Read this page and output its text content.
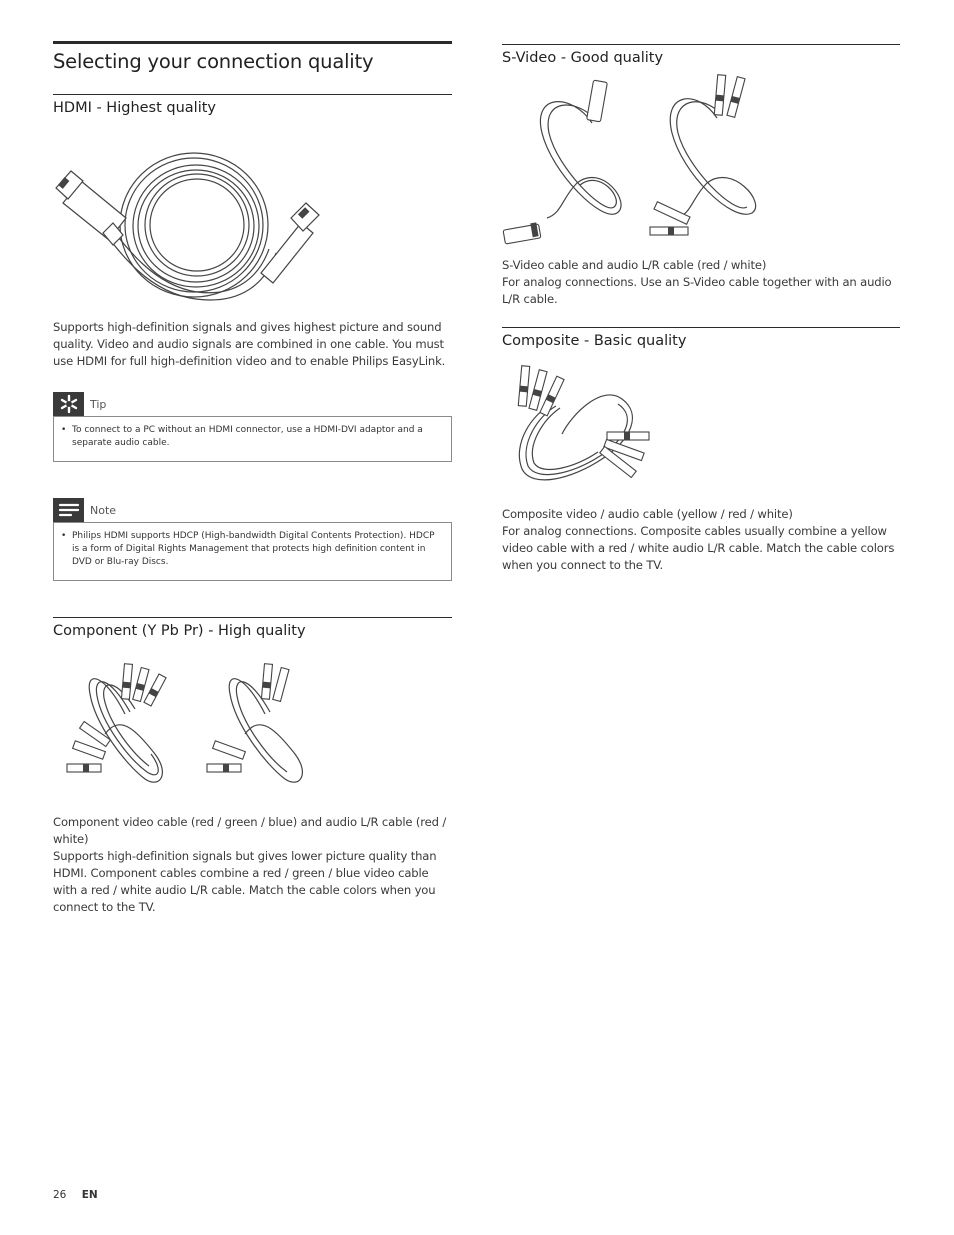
Selecting your connection quality
HDMI - Highest quality

Supports high-definition signals and gives highest picture and sound quality. Video and audio signals are combined in one cable. You must use HDMI for full high-definition video and to enable Philips EasyLink.

Tip
• To connect to a PC without an HDMI connector, use a HDMI-DVI adaptor and a separate audio cable.
Note
• Philips HDMI supports HDCP (High-bandwidth Digital Contents Protection). HDCP is a form of Digital Rights Management that protects high definition content in DVD or Blu-ray Discs.
Component (Y Pb Pr) - High quality

Component video cable (red / green / blue) and audio L/R cable (red / white)

Supports high-definition signals but gives lower picture quality than HDMI. Component cables combine a red / green / blue video cable with a red / white audio L/R cable. Match the cable colors when you connect to the TV.

S-Video - Good quality

S-Video cable and audio L/R cable (red / white)

For analog connections. Use an S-Video cable together with an audio L/R cable.

Composite - Basic quality

Composite video / audio cable (yellow / red / white)

For analog connections. Composite cables usually combine a yellow video cable with a red / white audio L/R cable. Match the cable colors when you connect to the TV.

26 EN
